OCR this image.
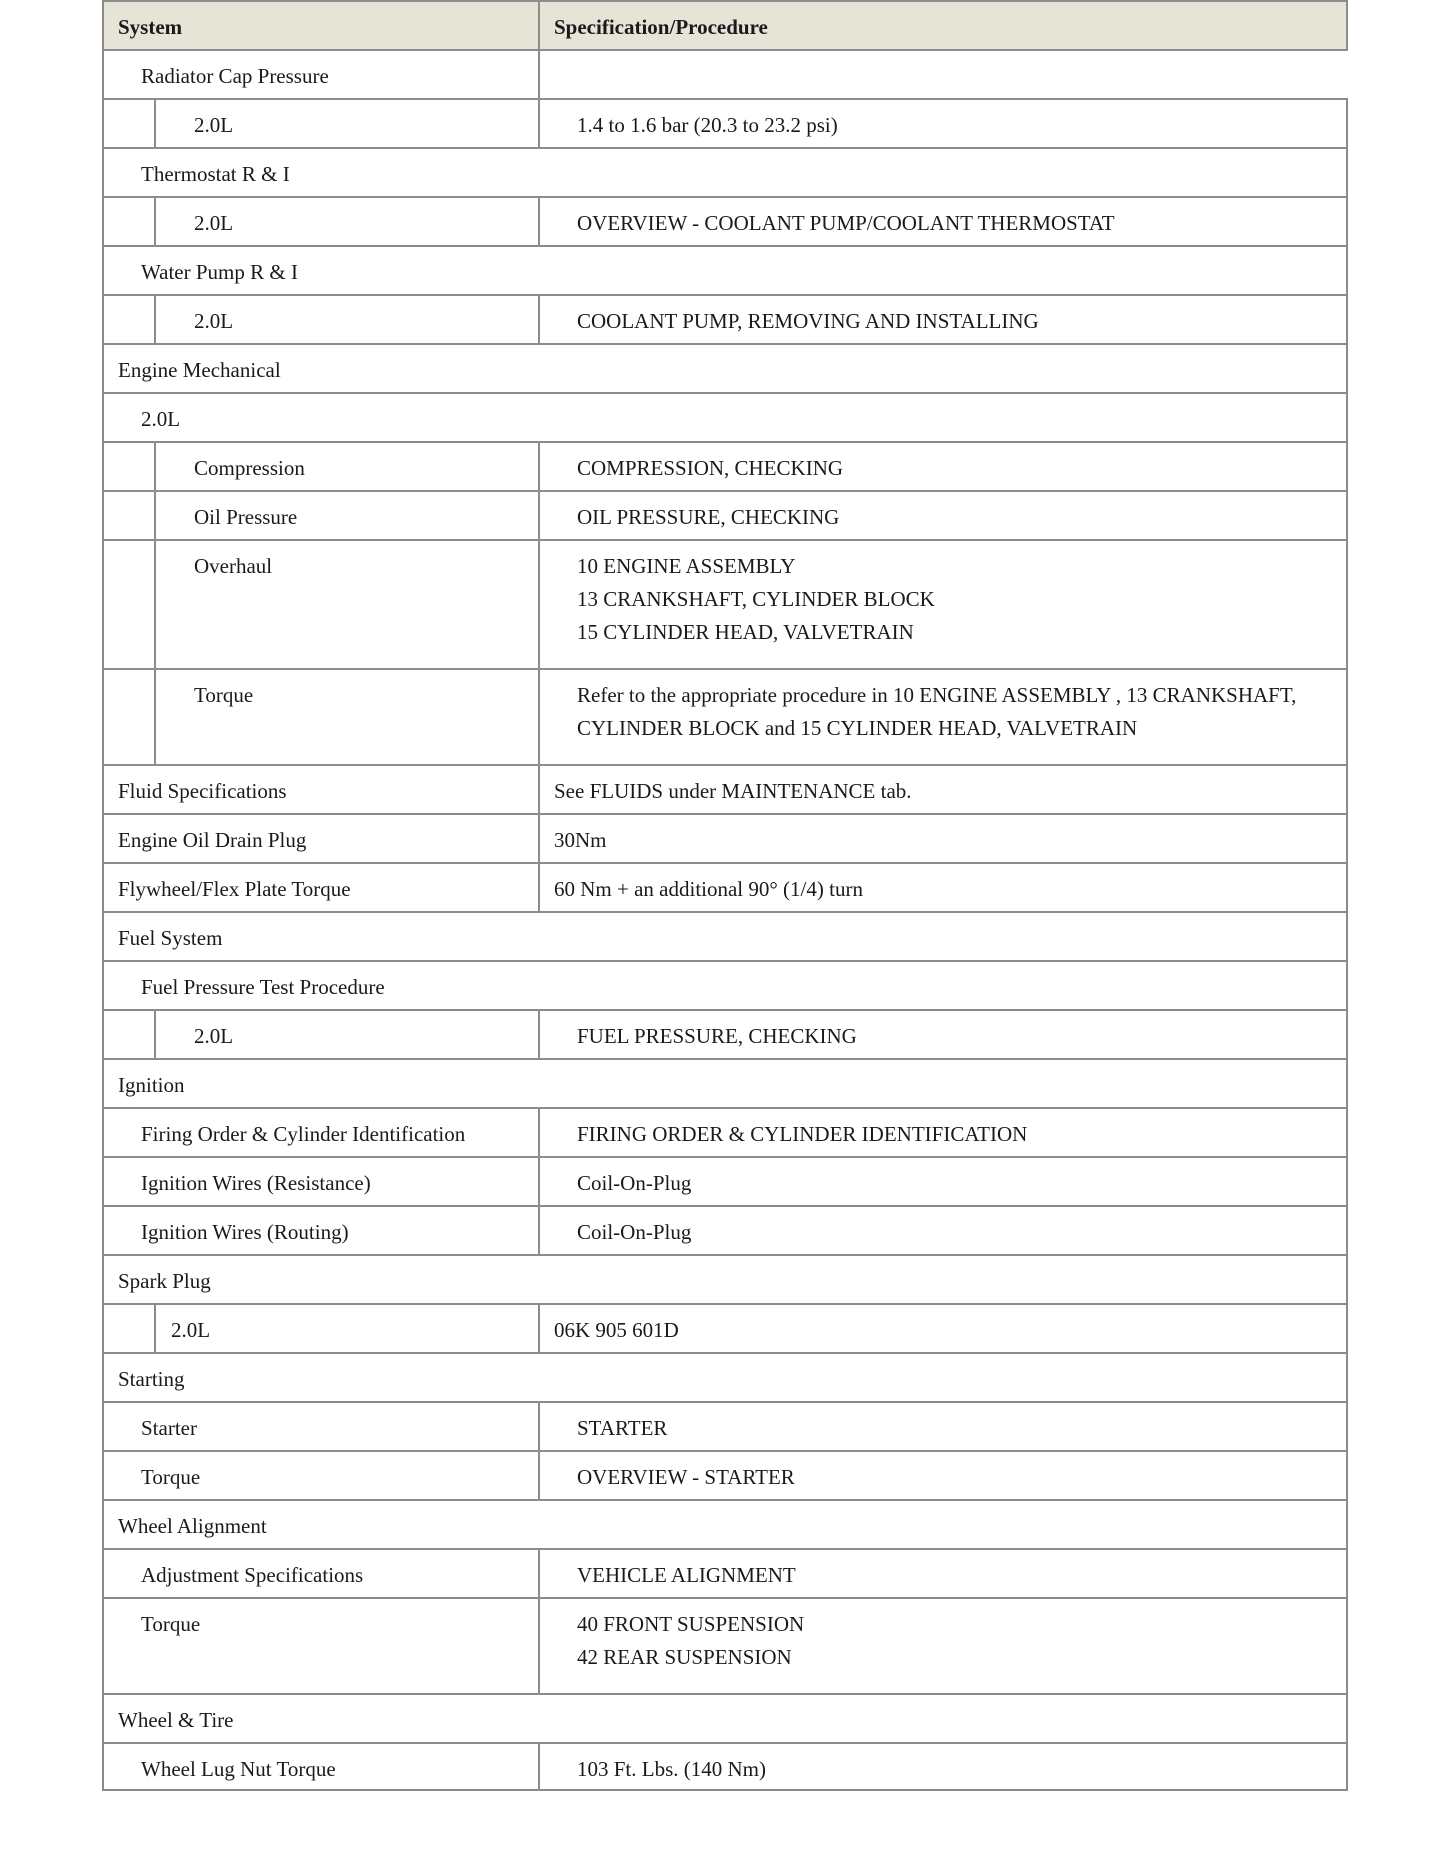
System	Specification/Procedure
Radiator Cap Pressure
2.0L	1.4 to 1.6 bar (20.3 to 23.2 psi)
Thermostat R & I
2.0L	OVERVIEW - COOLANT PUMP/COOLANT THERMOSTAT
Water Pump R & I
2.0L	COOLANT PUMP, REMOVING AND INSTALLING
Engine Mechanical
2.0L
Compression	COMPRESSION, CHECKING
Oil Pressure	OIL PRESSURE, CHECKING
Overhaul	10 ENGINE ASSEMBLY
13 CRANKSHAFT, CYLINDER BLOCK
15 CYLINDER HEAD, VALVETRAIN
Torque	Refer to the appropriate procedure in 10 ENGINE ASSEMBLY , 13 CRANKSHAFT,
CYLINDER BLOCK and 15 CYLINDER HEAD, VALVETRAIN
Fluid Specifications	See FLUIDS under MAINTENANCE tab.
Engine Oil Drain Plug	30Nm
Flywheel/Flex Plate Torque	60 Nm + an additional 90° (1/4) turn
Fuel System
Fuel Pressure Test Procedure
2.0L	FUEL PRESSURE, CHECKING
Ignition
Firing Order & Cylinder Identification	FIRING ORDER & CYLINDER IDENTIFICATION
Ignition Wires (Resistance)	Coil-On-Plug
Ignition Wires (Routing)	Coil-On-Plug
Spark Plug
2.0L	06K 905 601D
Starting
Starter	STARTER
Torque	OVERVIEW - STARTER
Wheel Alignment
Adjustment Specifications	VEHICLE ALIGNMENT
Torque	40 FRONT SUSPENSION
42 REAR SUSPENSION
Wheel & Tire
Wheel Lug Nut Torque	103 Ft. Lbs. (140 Nm)
